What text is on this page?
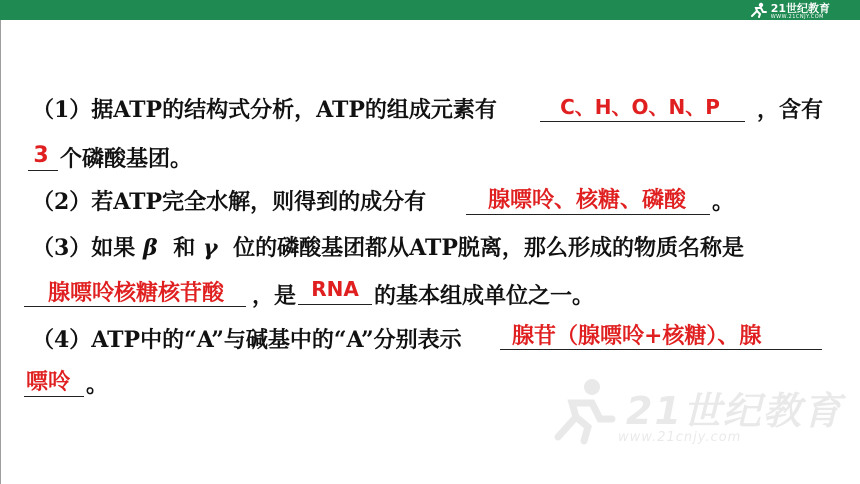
21世纪教育
WWW.21CNJY.COM
21世纪教育
www.21cnjy.com
（1）据ATP的结构式分析，ATP的组成元素有	C、H、O、N、P	，含有
3 个磷酸基团。
（2）若ATP完全水解，则得到的成分有	腺嘌呤、核糖、磷酸	。
（3）如果 β 和 γ 位的磷酸基团都从ATP脱离，那么形成的物质名称是
腺嘌呤核糖核苷酸	，是 RNA 的基本组成单位之一。
（4）ATP中的“A”与碱基中的“A”分别表示 腺苷（腺嘌呤+核糖）、腺
嘌呤 。
